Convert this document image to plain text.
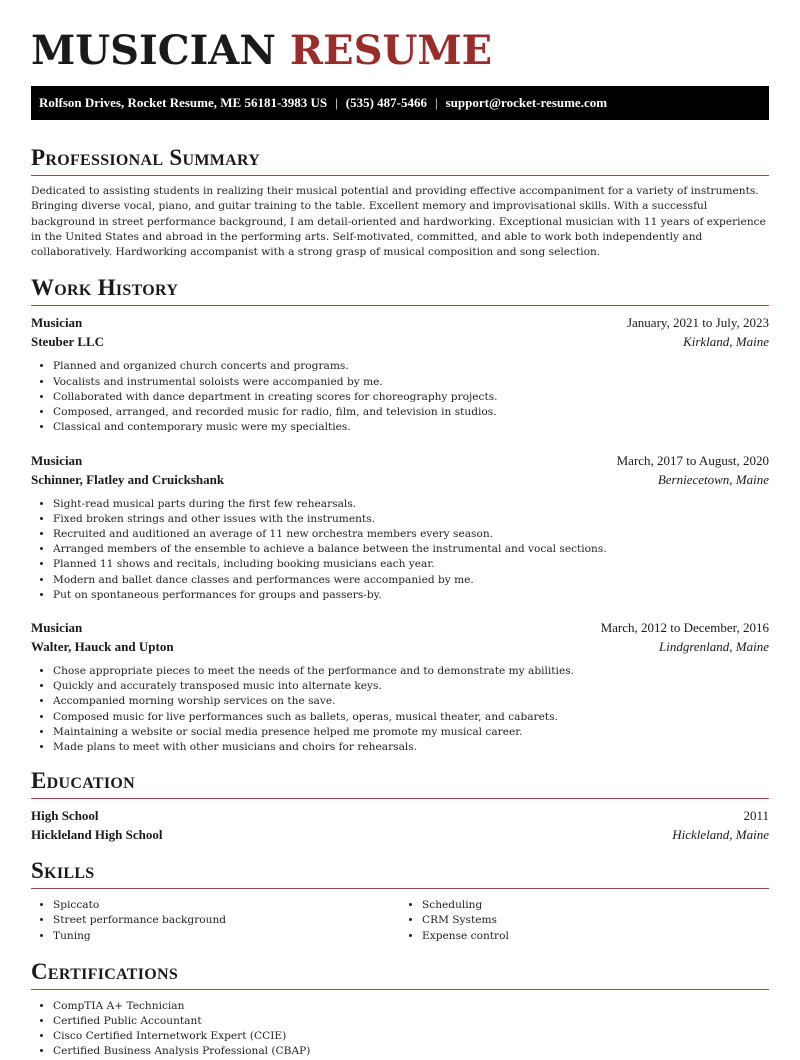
MUSICIAN RESUME
Rolfson Drives, Rocket Resume, ME 56181-3983 US | (535) 487-5466 | support@rocket-resume.com
Professional Summary

Dedicated to assisting students in realizing their musical potential and providing effective accompaniment for a variety of instruments. Bringing diverse vocal, piano, and guitar training to the table. Excellent memory and improvisational skills. With a successful background in street performance background, I am detail-oriented and hardworking. Exceptional musician with 11 years of experience in the United States and abroad in the performing arts. Self-motivated, committed, and able to work both independently and collaboratively. Hardworking accompanist with a strong grasp of musical composition and song selection.

Work History
Musician	January, 2021 to July, 2023
Steuber LLC	Kirkland, Maine
• Planned and organized church concerts and programs.
• Vocalists and instrumental soloists were accompanied by me.
• Collaborated with dance department in creating scores for choreography projects.
• Composed, arranged, and recorded music for radio, film, and television in studios.
• Classical and contemporary music were my specialties.
Musician	March, 2017 to August, 2020
Schinner, Flatley and Cruickshank	Berniecetown, Maine
• Sight-read musical parts during the first few rehearsals.
• Fixed broken strings and other issues with the instruments.
• Recruited and auditioned an average of 11 new orchestra members every season.
• Arranged members of the ensemble to achieve a balance between the instrumental and vocal sections.
• Planned 11 shows and recitals, including booking musicians each year.
• Modern and ballet dance classes and performances were accompanied by me.
• Put on spontaneous performances for groups and passers-by.
Musician	March, 2012 to December, 2016
Walter, Hauck and Upton	Lindgrenland, Maine
• Chose appropriate pieces to meet the needs of the performance and to demonstrate my abilities.
• Quickly and accurately transposed music into alternate keys.
• Accompanied morning worship services on the save.
• Composed music for live performances such as ballets, operas, musical theater, and cabarets.
• Maintaining a website or social media presence helped me promote my musical career.
• Made plans to meet with other musicians and choirs for rehearsals.
Education
High School	2011
Hickleland High School	Hickleland, Maine
Skills
• Spiccato
• Street performance background
• Tuning
• Scheduling
• CRM Systems
• Expense control
Certifications
• CompTIA A+ Technician
• Certified Public Accountant
• Cisco Certified Internetwork Expert (CCIE)
• Certified Business Analysis Professional (CBAP)
